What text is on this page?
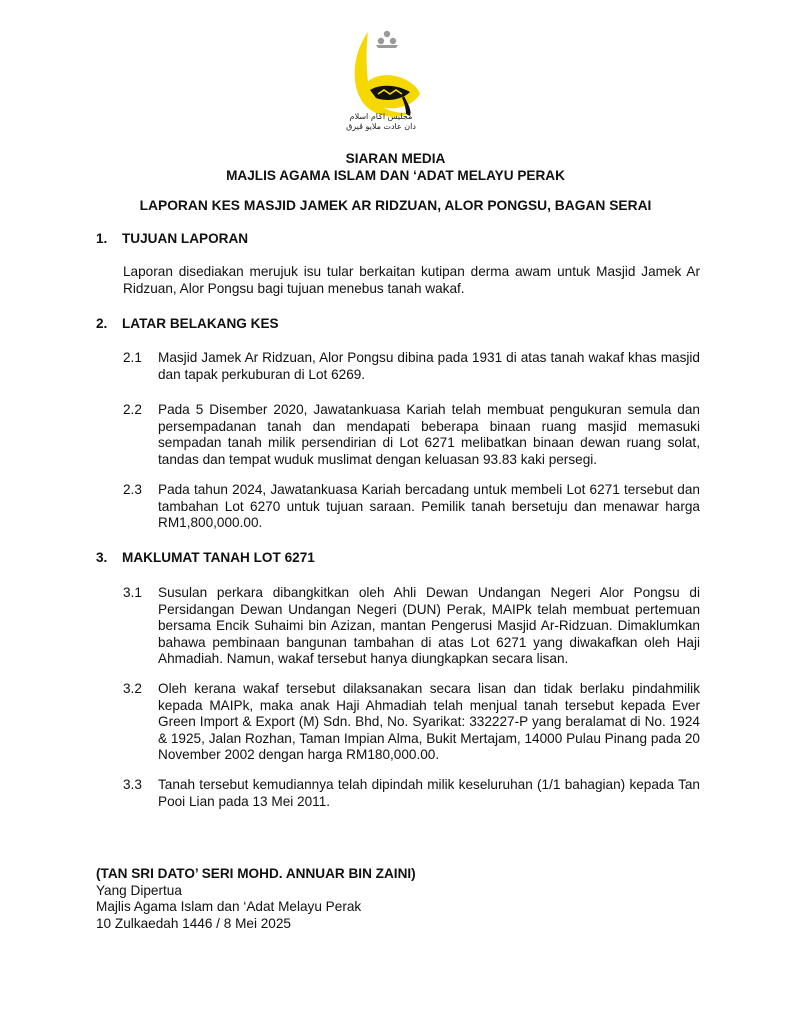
مجليس اݢام اسلام
دان عادت ملايو ڤيرق
SIARAN MEDIA
MAJLIS AGAMA ISLAM DAN ‘ADAT MELAYU PERAK
LAPORAN KES MASJID JAMEK AR RIDZUAN, ALOR PONGSU, BAGAN SERAI
1. TUJUAN LAPORAN
Laporan disediakan merujuk isu tular berkaitan kutipan derma awam untuk Masjid Jamek Ar Ridzuan, Alor Pongsu bagi tujuan menebus tanah wakaf.
2. LATAR BELAKANG KES
2.1 Masjid Jamek Ar Ridzuan, Alor Pongsu dibina pada 1931 di atas tanah wakaf khas masjid dan tapak perkuburan di Lot 6269.
2.2 Pada 5 Disember 2020, Jawatankuasa Kariah telah membuat pengukuran semula dan persempadanan tanah dan mendapati beberapa binaan ruang masjid memasuki sempadan tanah milik persendirian di Lot 6271 melibatkan binaan dewan ruang solat, tandas dan tempat wuduk muslimat dengan keluasan 93.83 kaki persegi.
2.3 Pada tahun 2024, Jawatankuasa Kariah bercadang untuk membeli Lot 6271 tersebut dan tambahan Lot 6270 untuk tujuan saraan. Pemilik tanah bersetuju dan menawar harga RM1,800,000.00.
3. MAKLUMAT TANAH LOT 6271
3.1 Susulan perkara dibangkitkan oleh Ahli Dewan Undangan Negeri Alor Pongsu di Persidangan Dewan Undangan Negeri (DUN) Perak, MAIPk telah membuat pertemuan bersama Encik Suhaimi bin Azizan, mantan Pengerusi Masjid Ar-Ridzuan. Dimaklumkan bahawa pembinaan bangunan tambahan di atas Lot 6271 yang diwakafkan oleh Haji Ahmadiah. Namun, wakaf tersebut hanya diungkapkan secara lisan.
3.2 Oleh kerana wakaf tersebut dilaksanakan secara lisan dan tidak berlaku pindahmilik kepada MAIPk, maka anak Haji Ahmadiah telah menjual tanah tersebut kepada Ever Green Import & Export (M) Sdn. Bhd, No. Syarikat: 332227-P yang beralamat di No. 1924 & 1925, Jalan Rozhan, Taman Impian Alma, Bukit Mertajam, 14000 Pulau Pinang pada 20 November 2002 dengan harga RM180,000.00.
3.3 Tanah tersebut kemudiannya telah dipindah milik keseluruhan (1/1 bahagian) kepada Tan Pooi Lian pada 13 Mei 2011.
(TAN SRI DATO’ SERI MOHD. ANNUAR BIN ZAINI)
Yang Dipertua
Majlis Agama Islam dan ‘Adat Melayu Perak
10 Zulkaedah 1446 / 8 Mei 2025
